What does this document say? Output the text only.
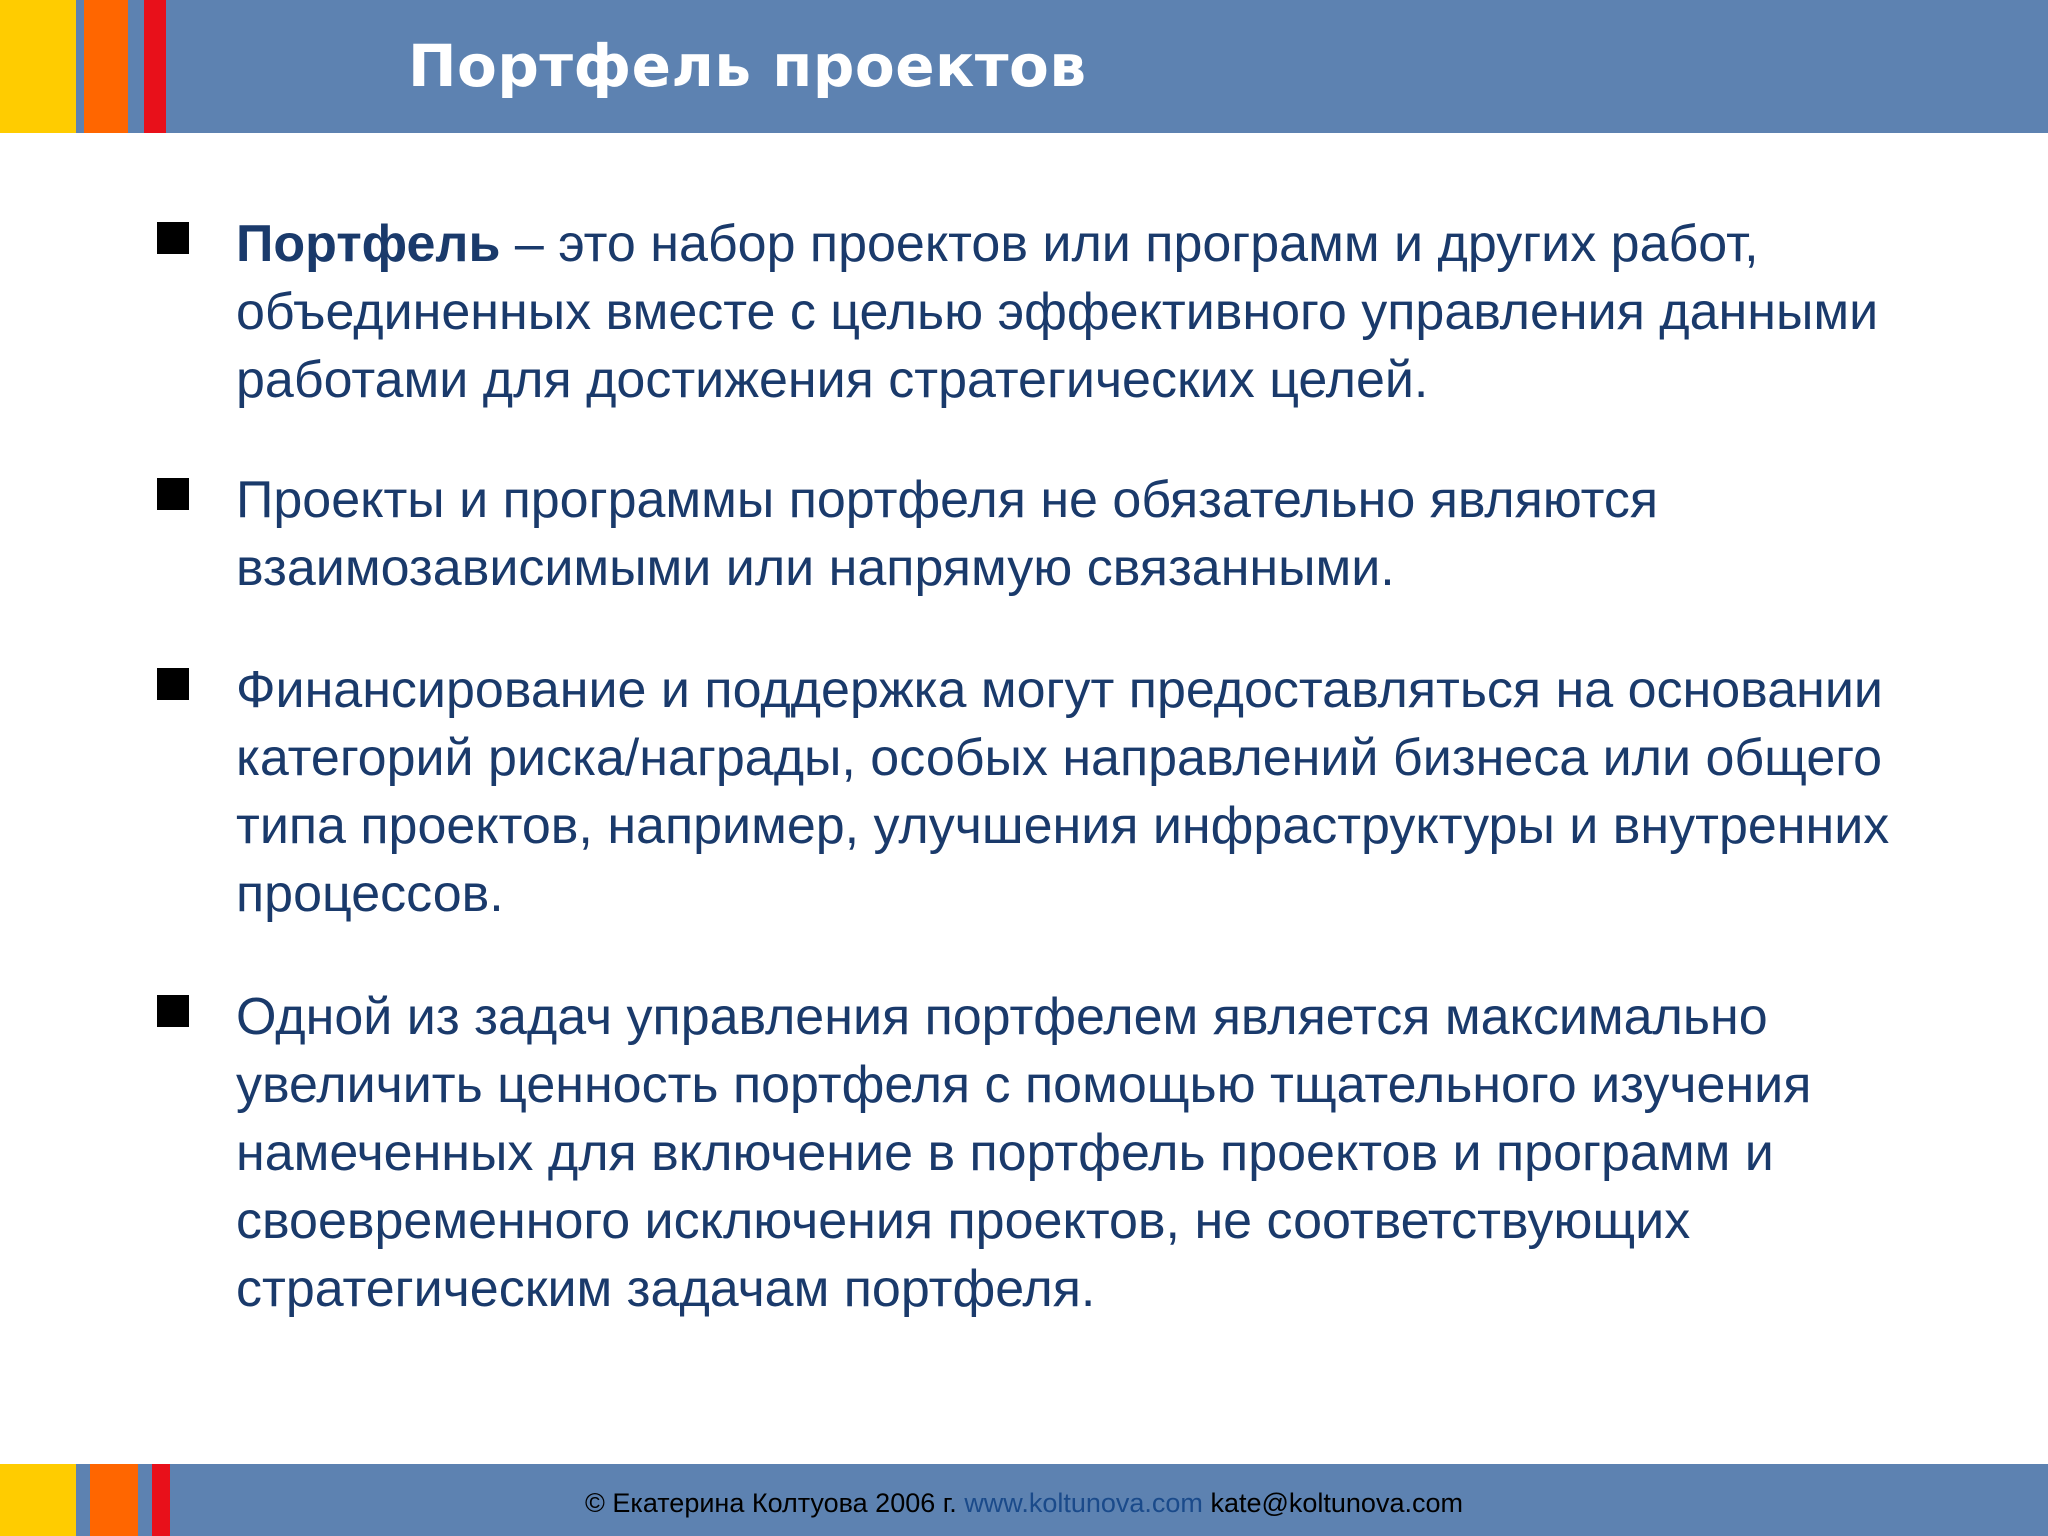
Портфель проектов

Портфель – это набор проектов или программ и других работ, объединенных вместе с целью эффективного управления данными работами для достижения стратегических целей.

Проекты и программы портфеля не обязательно являются взаимозависимыми или напрямую связанными.

Финансирование и поддержка могут предоставляться на основании категорий риска/награды, особых направлений бизнеса или общего типа проектов, например, улучшения инфраструктуры и внутренних процессов.

Одной из задач управления портфелем является максимально увеличить ценность портфеля с помощью тщательного изучения намеченных для включение в портфель проектов и программ и своевременного исключения проектов, не соответствующих стратегическим задачам портфеля.

© Екатерина Колтуова 2006 г. www.koltunova.com kate@koltunova.com
